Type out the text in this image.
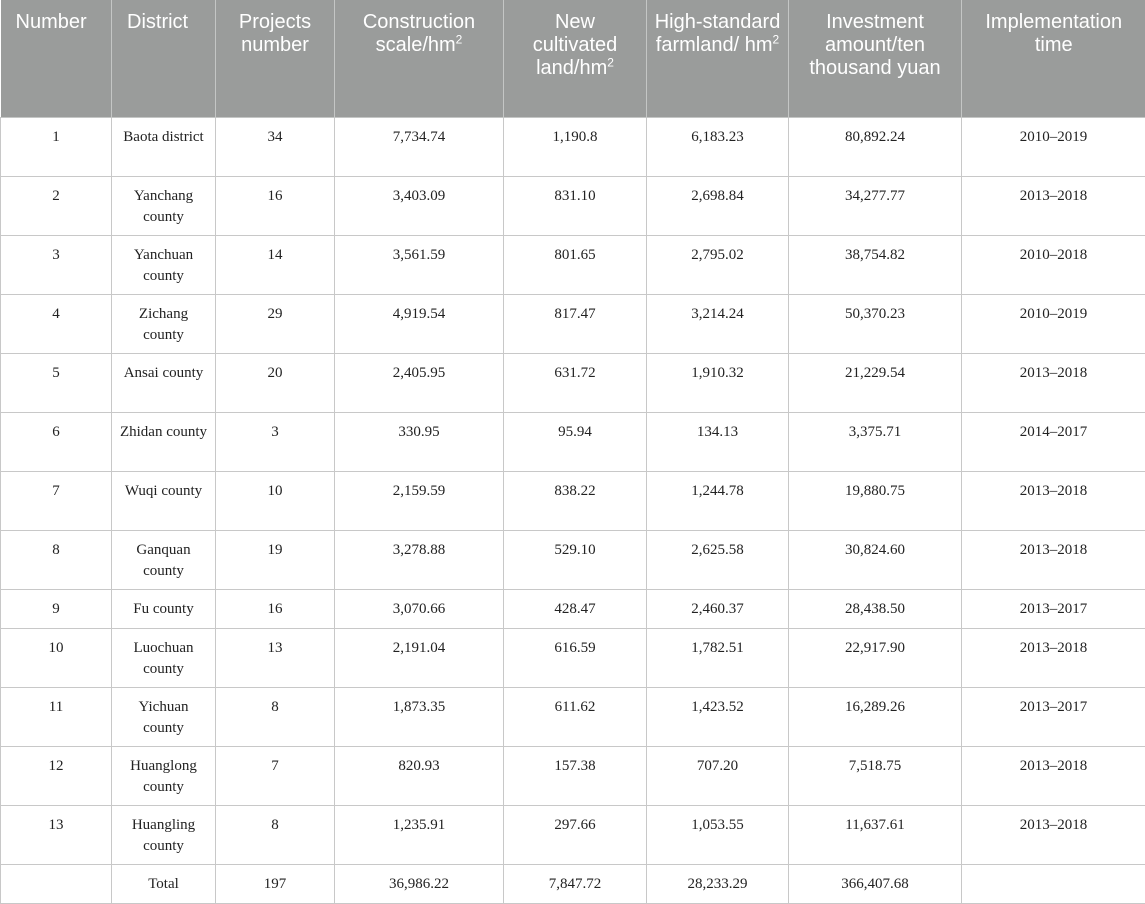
Number	District	Projects number	Construction scale/$hm^2$	New cultivated land/$hm^2$	High-standard farmland/ $hm^2$	Investment amount/ten thousand yuan	Implementation time
1	Baota district	34	7,734.74	1,190.8	6,183.23	80,892.24	2010–2019
2	Yanchang county	16	3,403.09	831.10	2,698.84	34,277.77	2013–2018
3	Yanchuan county	14	3,561.59	801.65	2,795.02	38,754.82	2010–2018
4	Zichang county	29	4,919.54	817.47	3,214.24	50,370.23	2010–2019
5	Ansai county	20	2,405.95	631.72	1,910.32	21,229.54	2013–2018
6	Zhidan county	3	330.95	95.94	134.13	3,375.71	2014–2017
7	Wuqi county	10	2,159.59	838.22	1,244.78	19,880.75	2013–2018
8	Ganquan county	19	3,278.88	529.10	2,625.58	30,824.60	2013–2018
9	Fu county	16	3,070.66	428.47	2,460.37	28,438.50	2013–2017
10	Luochuan county	13	2,191.04	616.59	1,782.51	22,917.90	2013–2018
11	Yichuan county	8	1,873.35	611.62	1,423.52	16,289.26	2013–2017
12	Huanglong county	7	820.93	157.38	707.20	7,518.75	2013–2018
13	Huangling county	8	1,235.91	297.66	1,053.55	11,637.61	2013–2018
	Total	197	36,986.22	7,847.72	28,233.29	366,407.68	
